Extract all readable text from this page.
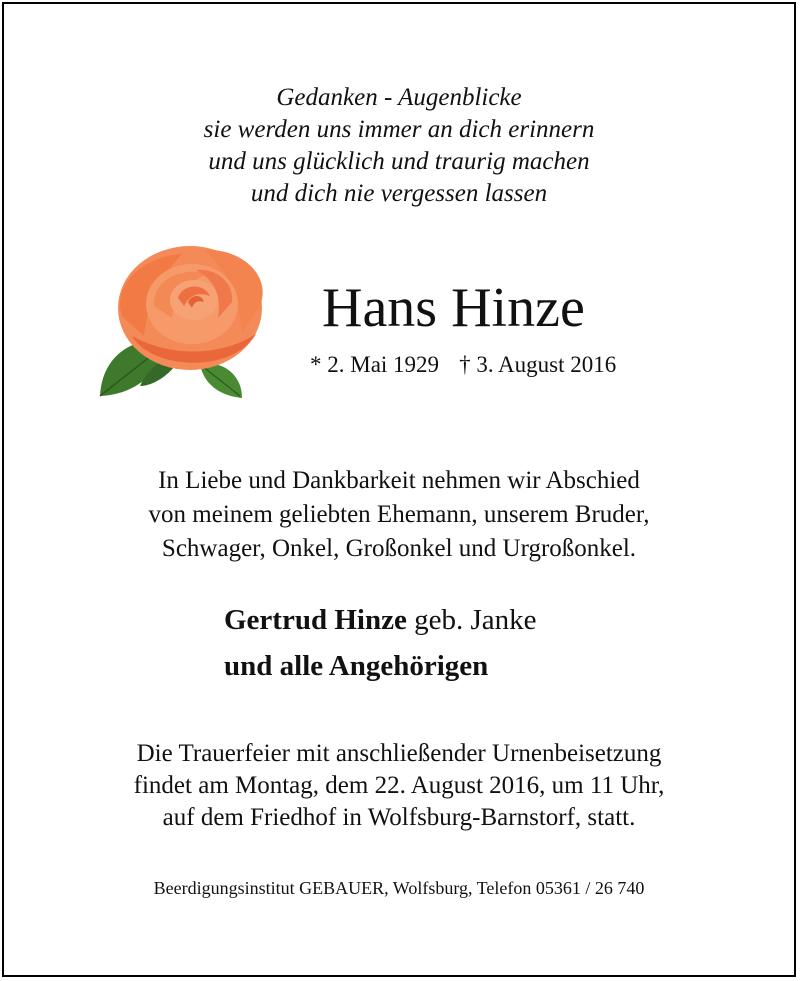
Gedanken - Augenblicke
sie werden uns immer an dich erinnern
und uns glücklich und traurig machen
und dich nie vergessen lassen
Hans Hinze
* 2. Mai 1929 † 3. August 2016
In Liebe und Dankbarkeit nehmen wir Abschied
von meinem geliebten Ehemann, unserem Bruder,
Schwager, Onkel, Großonkel und Urgroßonkel.
Gertrud Hinze geb. Janke
und alle Angehörigen
Die Trauerfeier mit anschließender Urnenbeisetzung
findet am Montag, dem 22. August 2016, um 11 Uhr,
auf dem Friedhof in Wolfsburg-Barnstorf, statt.
Beerdigungsinstitut GEBAUER, Wolfsburg, Telefon 05361 / 26 740
